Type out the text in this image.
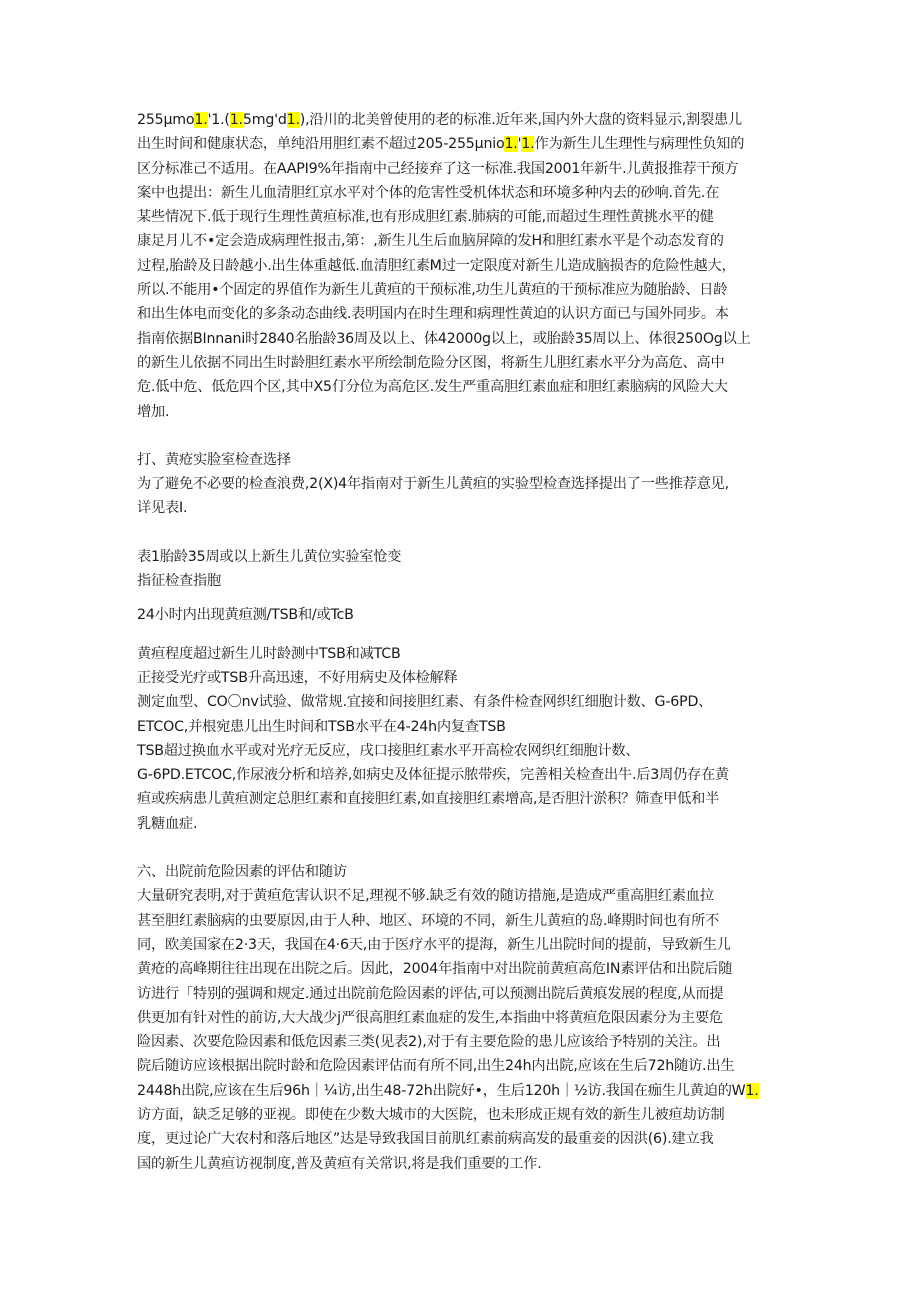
255μmo1.'1.(1.5mg'd1.),沿川的北美曾使用的老的标准.近年来,国内外大盘的资料显示,割裂患儿
出生时间和健康状态，单纯沿用胆红素不超过205-255μnio1.'1.作为新生儿生理性与病理性负知的
区分标准己不适用。在AAPI9%年指南中己经接弃了这一标准.我国2001年新牛.儿黄报推荐干预方
案中也提出：新生儿血清胆红京水平对个体的危害性受机体状态和环境多种内去的砂响.首先.在
某些情况下.低于现行生理性黄疸标准,也有形成胆红素.肺病的可能,而超过生理性黄挑水平的健
康足月儿不•定会造成病理性报击,第：,新生儿生后血脑屏障的发H和胆红素水平是个动态发育的
过程,胎龄及日龄越小.出生体重越低.血清胆红素M过一定限度对新生儿造成脑损杏的危险性越大，
所以.不能用•个固定的界值作为新生儿黄疸的干预标准,功生儿黄疸的干预标准应为随胎龄、日龄
和出生体电而变化的多条动态曲线.表明国内在时生理和病理性黄迫的认识方面已与国外同步。本
指南依据BInnani时2840名胎龄36周及以上、体42000g以上，或胎龄35周以上、体很250Og以上
的新生儿依据不同出生时龄胆红素水平所绘制危险分区图，将新生儿胆红素水平分为高危、高中
危.低中危、低危四个区,其中X5仃分位为高危区.发生严重高胆红素血症和胆红素脑病的风险大大
增加.
打、黄疮实脸室检查选择
为了避免不必要的检查浪费,2(X)4年指南对于新生儿黄疸的实验型检查选择提出了一些推荐意见,
详见表I.
表1胎龄35周或以上新生儿黄位实验室怆变
指征检查指胞
24小时内出现黄疸测/TSB和/或TcB
黄疸程度超过新生儿时龄测中TSB和减TCB
正接受光疗或TSB升高迅速，不好用病史及体检解释
测定血型、CO〇nv试验、做常规.宜接和间接胆红素、有条件检查网织红细胞计数、G-6PD、
ETCOC,并根宛患儿出生时间和TSB水平在4-24h内复查TSB
TSB超过换血水平或对光疗无反应，戌口接胆红素水平开高检农网织红细胞计数、
G-6PD.ETCOC,作尿液分析和培养,如病史及体征提示脓带疾，完善相关检查出牛.后3周仍存在黄
疸或疾病患儿黄疸测定总胆红素和直接胆红素,如直接胆红素增高,是否胆汁淤积？筛查甲低和半
乳糖血症.
六、出院前危险因素的评估和随访
大量研究表明,对于黄疸危害认识不足,理视不够.缺乏有效的随访措施,是造成严重高胆红素血拉
甚至胆红素脑病的虫要原因,由于人种、地区、环境的不同，新生儿黄疸的岛.峰期时间也有所不
同，欧美国家在2·3天，我国在4·6天,由于医疗水平的提海，新生儿出院时间的提前，导致新生儿
黄疮的高峰期往往出现在出院之后。因此，2004年指南中对出院前黄疸高危IN素评估和出院后随
访进行「特别的强调和规定.通过出院前危险因素的评估,可以预测出院后黄痕发展的程度,从而提
供更加有针对性的前访,大大战少j严很高胆红素血症的发生,本指曲中将黄疸危限因素分为主要危
险因素、次要危险因素和低危因素三类(见表2),对于有主要危险的患儿应该给予特别的关注。出
院后随访应该根据出院时龄和危险因素评估而有所不同,出生24h内出院,应该在生后72h随访.出生
2448h出院,应该在生后96h｜¼访,出生48-72h出院好•，生后120h｜½访.我国在痂生儿黄迫的W1.
访方面，缺乏足够的亚视。即使在少数大城市的大医院，也未形成正规有效的新生儿被疸劫访制
度，更过论广大农村和落后地区”达是导致我国目前肌红素前病高发的最重妾的因洪(6).建立我
国的新生儿黄疸访视制度,普及黄疸有关常识,将是我们重要的工作.
